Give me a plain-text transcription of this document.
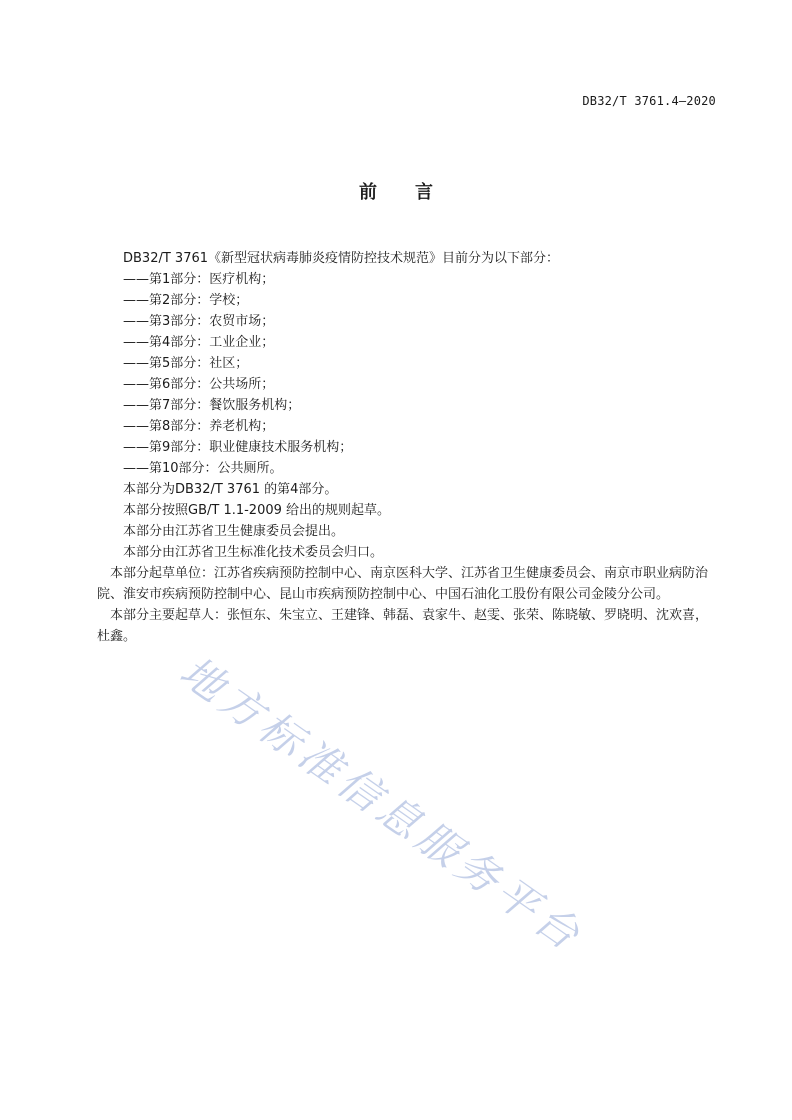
DB32/T 3761.4—2020
前 言

DB32/T 3761《新型冠状病毒肺炎疫情防控技术规范》目前分为以下部分：

——第1部分：医疗机构；

——第2部分：学校；

——第3部分：农贸市场；

——第4部分：工业企业；

——第5部分：社区；

——第6部分：公共场所；

——第7部分：餐饮服务机构；

——第8部分：养老机构；

——第9部分：职业健康技术服务机构；

——第10部分：公共厕所。

本部分为DB32/T 3761 的第4部分。

本部分按照GB/T 1.1-2009 给出的规则起草。

本部分由江苏省卫生健康委员会提出。

本部分由江苏省卫生标准化技术委员会归口。

本部分起草单位：江苏省疾病预防控制中心、南京医科大学、江苏省卫生健康委员会、南京市职业病防治院、淮安市疾病预防控制中心、昆山市疾病预防控制中心、中国石油化工股份有限公司金陵分公司。

本部分主要起草人：张恒东、朱宝立、王建锋、韩磊、袁家牛、赵雯、张荣、陈晓敏、罗晓明、沈欢喜，杜鑫。

地方标准信息服务平台
